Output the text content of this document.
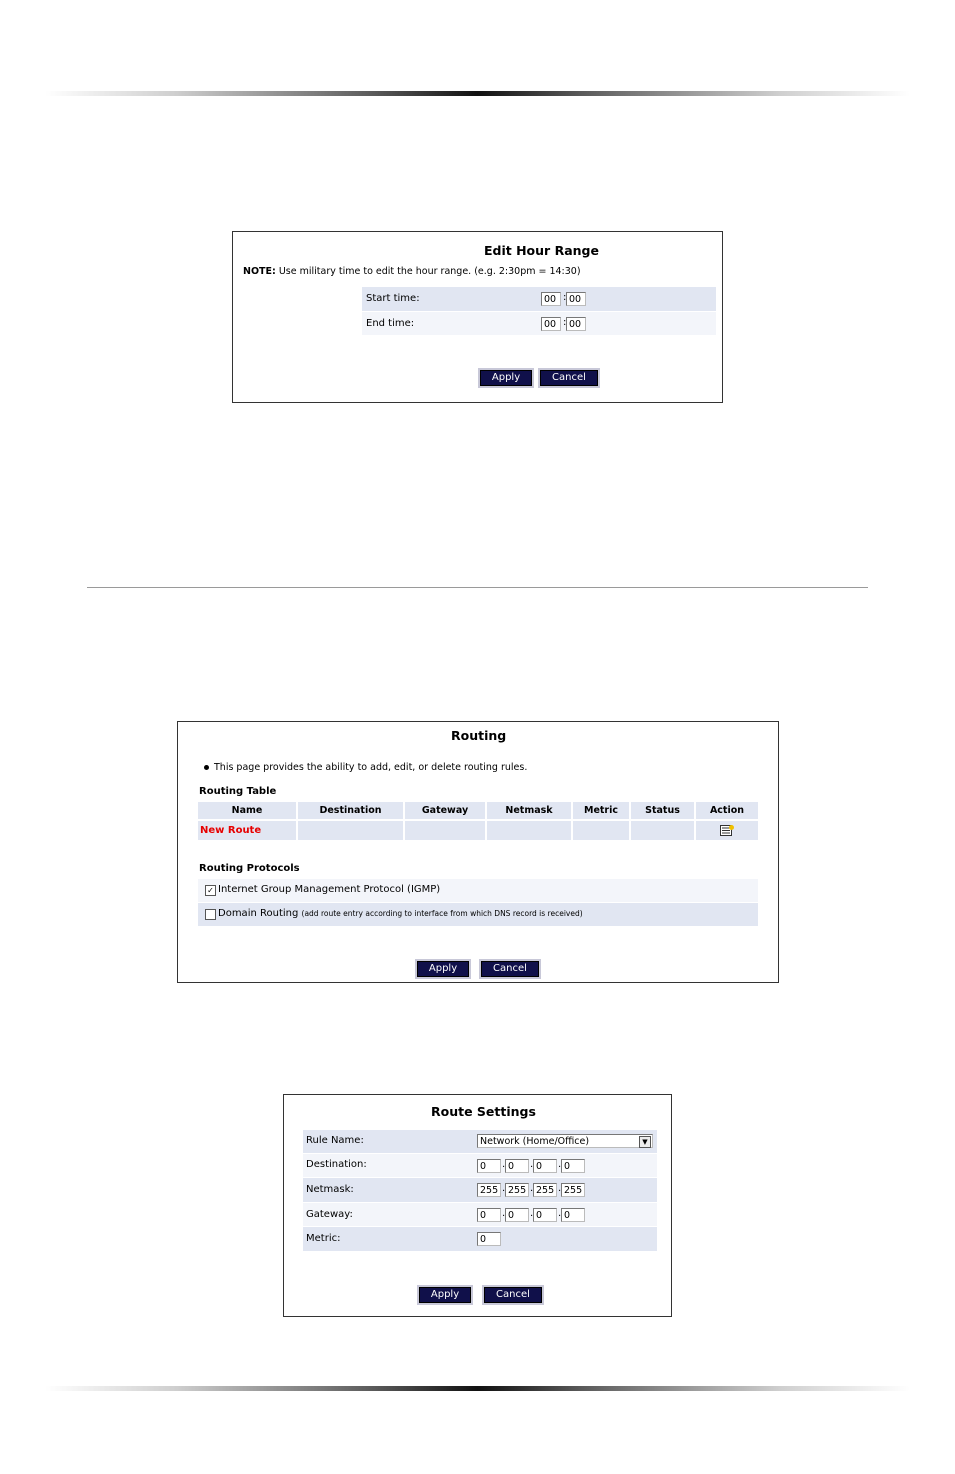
Edit Hour Range
NOTE: Use military time to edit the hour range. (e.g. 2:30pm = 14:30)
Start time:	00 : 00
End time:	00 : 00
Apply	Cancel
Routing
This page provides the ability to add, edit, or delete routing rules.
Routing Table
Name	Destination	Gateway	Netmask	Metric	Status	Action
New Route
Routing Protocols
✓ Internet Group Management Protocol (IGMP)
Domain Routing (add route entry according to interface from which DNS record is received)
Apply	Cancel
Route Settings
Rule Name:	Network (Home/Office)	▼
Destination:	0	. 0	. 0	. 0
Netmask:	255 . 255 . 255 . 255
Gateway:	0	. 0	. 0	. 0
Metric:	0
Apply	Cancel
